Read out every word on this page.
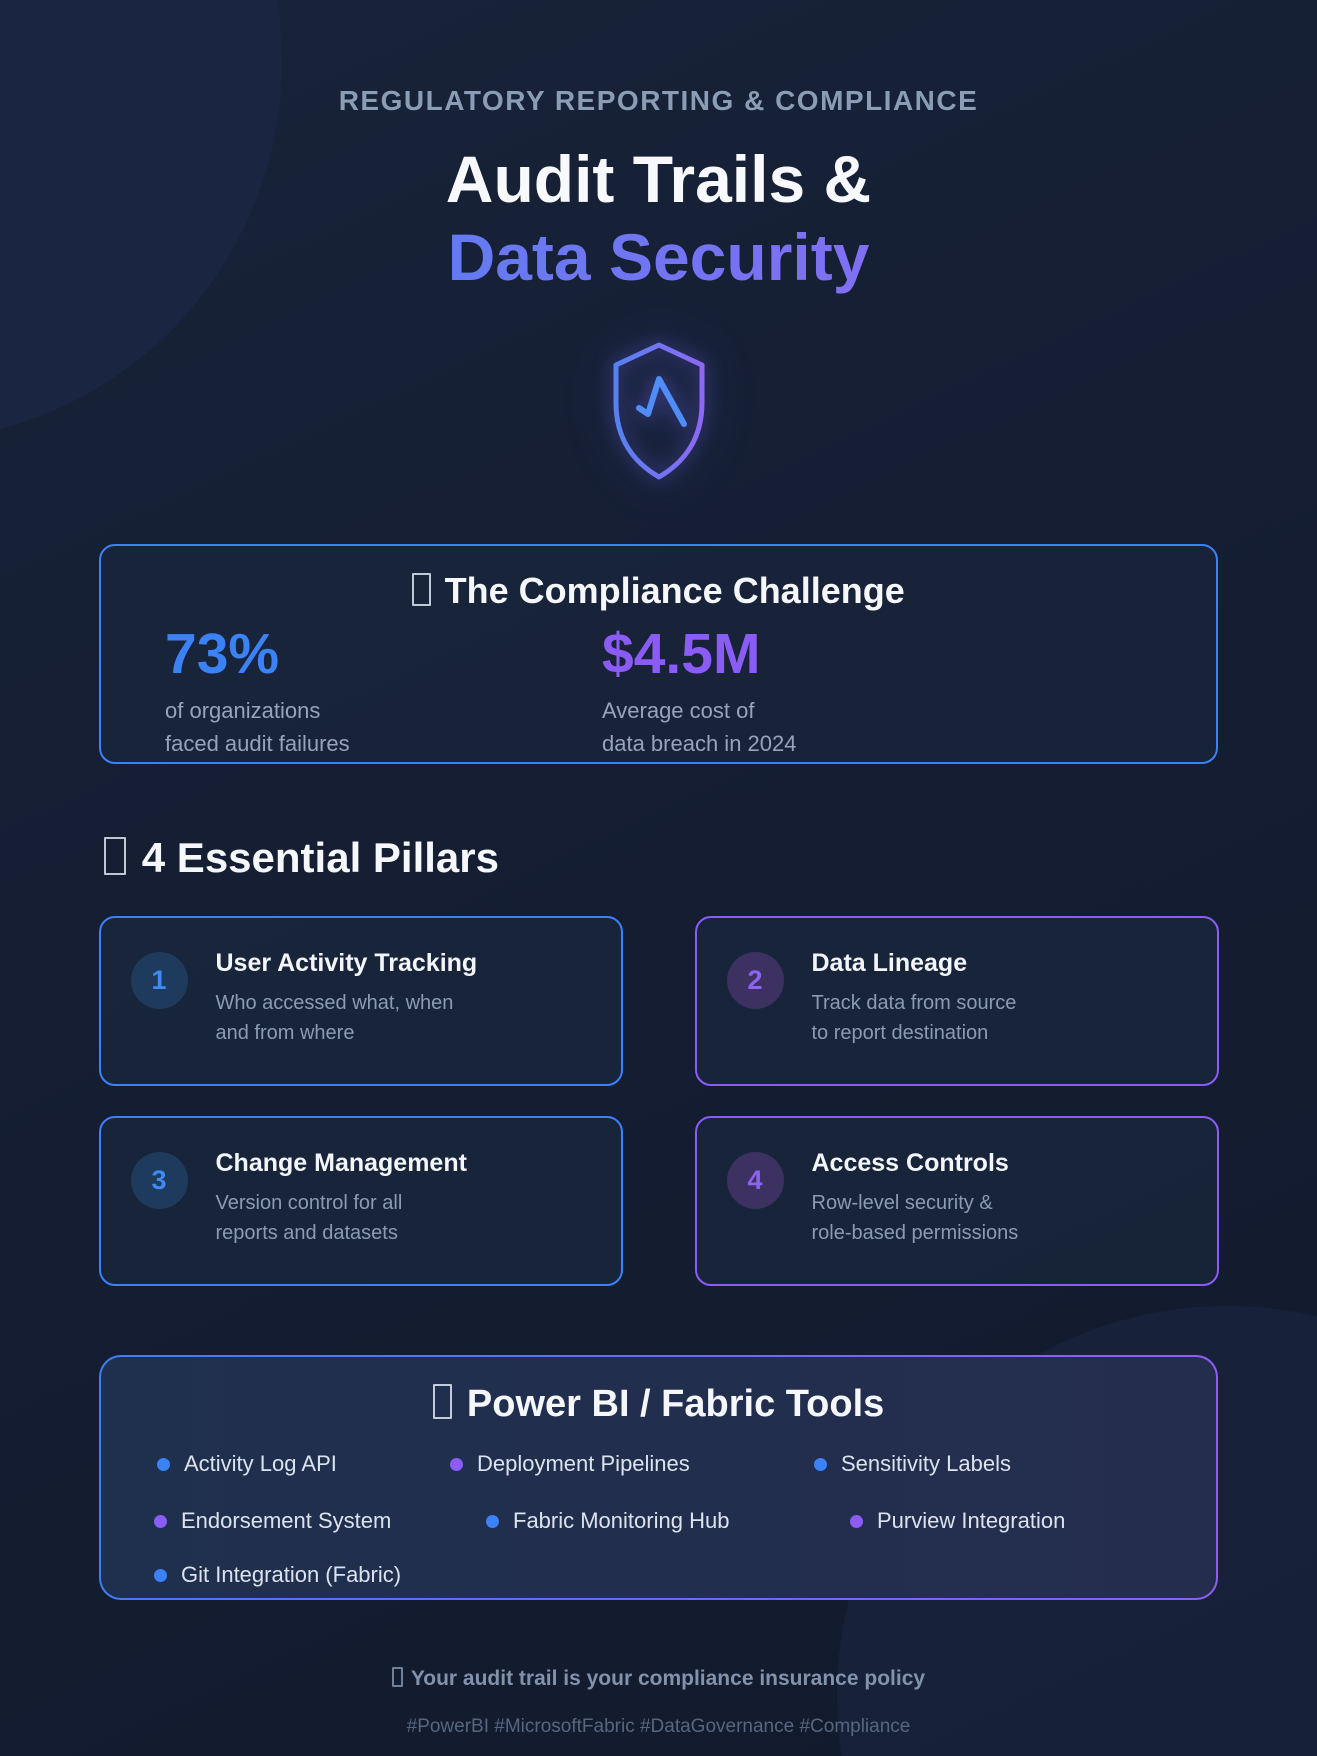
REGULATORY REPORTING & COMPLIANCE
Audit Trails &
Data Security
The Compliance Challenge
73%
of organizations
faced audit failures
$4.5M
Average cost of
data breach in 2024
4 Essential Pillars
1
User Activity Tracking
Who accessed what, when
and from where
2
Data Lineage
Track data from source
to report destination
3
Change Management
Version control for all
reports and datasets
4
Access Controls
Row-level security &
role-based permissions
Power BI / Fabric Tools
Activity Log API	Deployment Pipelines	Sensitivity Labels
Endorsement System	Fabric Monitoring Hub	Purview Integration
Git Integration (Fabric)
Your audit trail is your compliance insurance policy
#PowerBI #MicrosoftFabric #DataGovernance #Compliance
